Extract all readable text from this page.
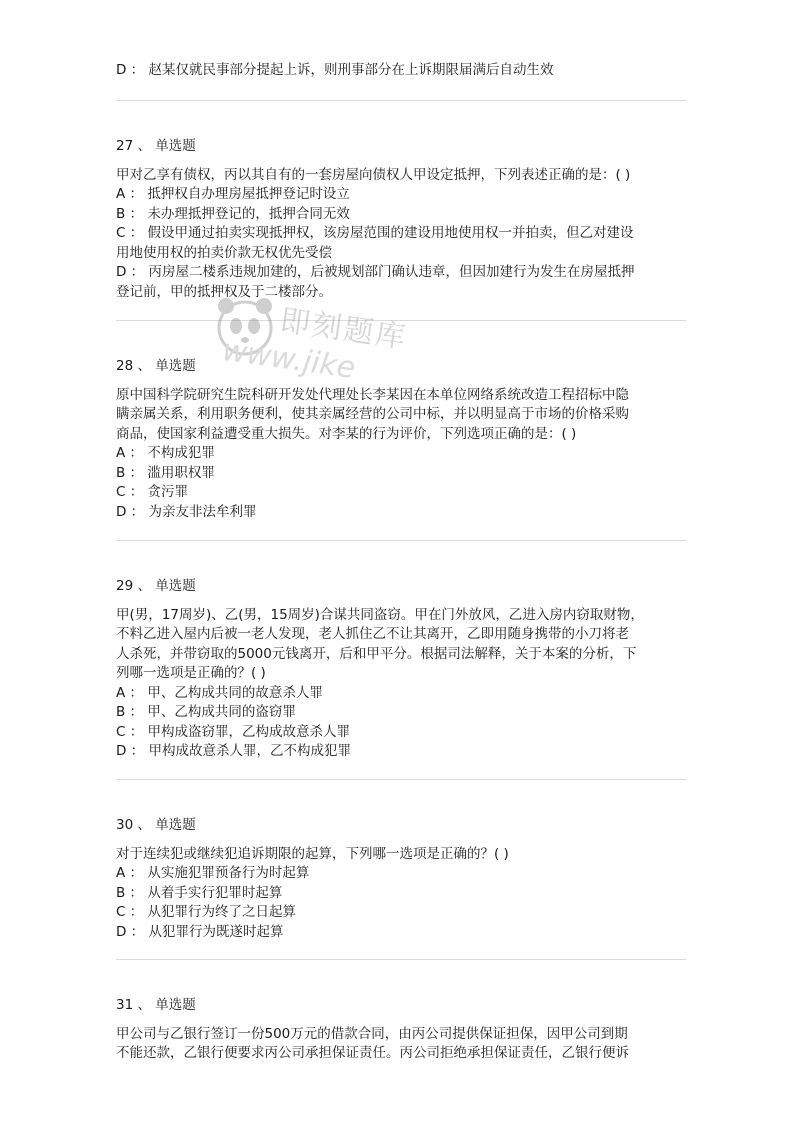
D ： 赵某仅就民事部分提起上诉，则刑事部分在上诉期限届满后自动生效

27 、 单选题

甲对乙享有债权，丙以其自有的一套房屋向债权人甲设定抵押，下列表述正确的是：( )

A ： 抵押权自办理房屋抵押登记时设立

B ： 未办理抵押登记的，抵押合同无效

C ： 假设甲通过拍卖实现抵押权，该房屋范围的建设用地使用权一并拍卖，但乙对建设

用地使用权的拍卖价款无权优先受偿

D ： 丙房屋二楼系违规加建的，后被规划部门确认违章，但因加建行为发生在房屋抵押

登记前，甲的抵押权及于二楼部分。

28 、 单选题

原中国科学院研究生院科研开发处代理处长李某因在本单位网络系统改造工程招标中隐

瞒亲属关系，利用职务便利，使其亲属经营的公司中标，并以明显高于市场的价格采购

商品，使国家利益遭受重大损失。对李某的行为评价，下列选项正确的是：( )

A ： 不构成犯罪

B ： 滥用职权罪

C ： 贪污罪

D ： 为亲友非法牟利罪

29 、 单选题

甲(男，17周岁)、乙(男，15周岁)合谋共同盗窃。甲在门外放风，乙进入房内窃取财物，

不料乙进入屋内后被一老人发现，老人抓住乙不让其离开，乙即用随身携带的小刀将老

人杀死，并带窃取的5000元钱离开，后和甲平分。根据司法解释，关于本案的分析，下

列哪一选项是正确的？( )

A ： 甲、乙构成共同的故意杀人罪

B ： 甲、乙构成共同的盗窃罪

C ： 甲构成盗窃罪，乙构成故意杀人罪

D ： 甲构成故意杀人罪，乙不构成犯罪

30 、 单选题

对于连续犯或继续犯追诉期限的起算，下列哪一选项是正确的？( )

A ： 从实施犯罪预备行为时起算

B ： 从着手实行犯罪时起算

C ： 从犯罪行为终了之日起算

D ： 从犯罪行为既遂时起算

31 、 单选题

甲公司与乙银行签订一份500万元的借款合同，由丙公司提供保证担保，因甲公司到期

不能还款，乙银行便要求丙公司承担保证责任。丙公司拒绝承担保证责任，乙银行便诉

即刻题库
www.jike
